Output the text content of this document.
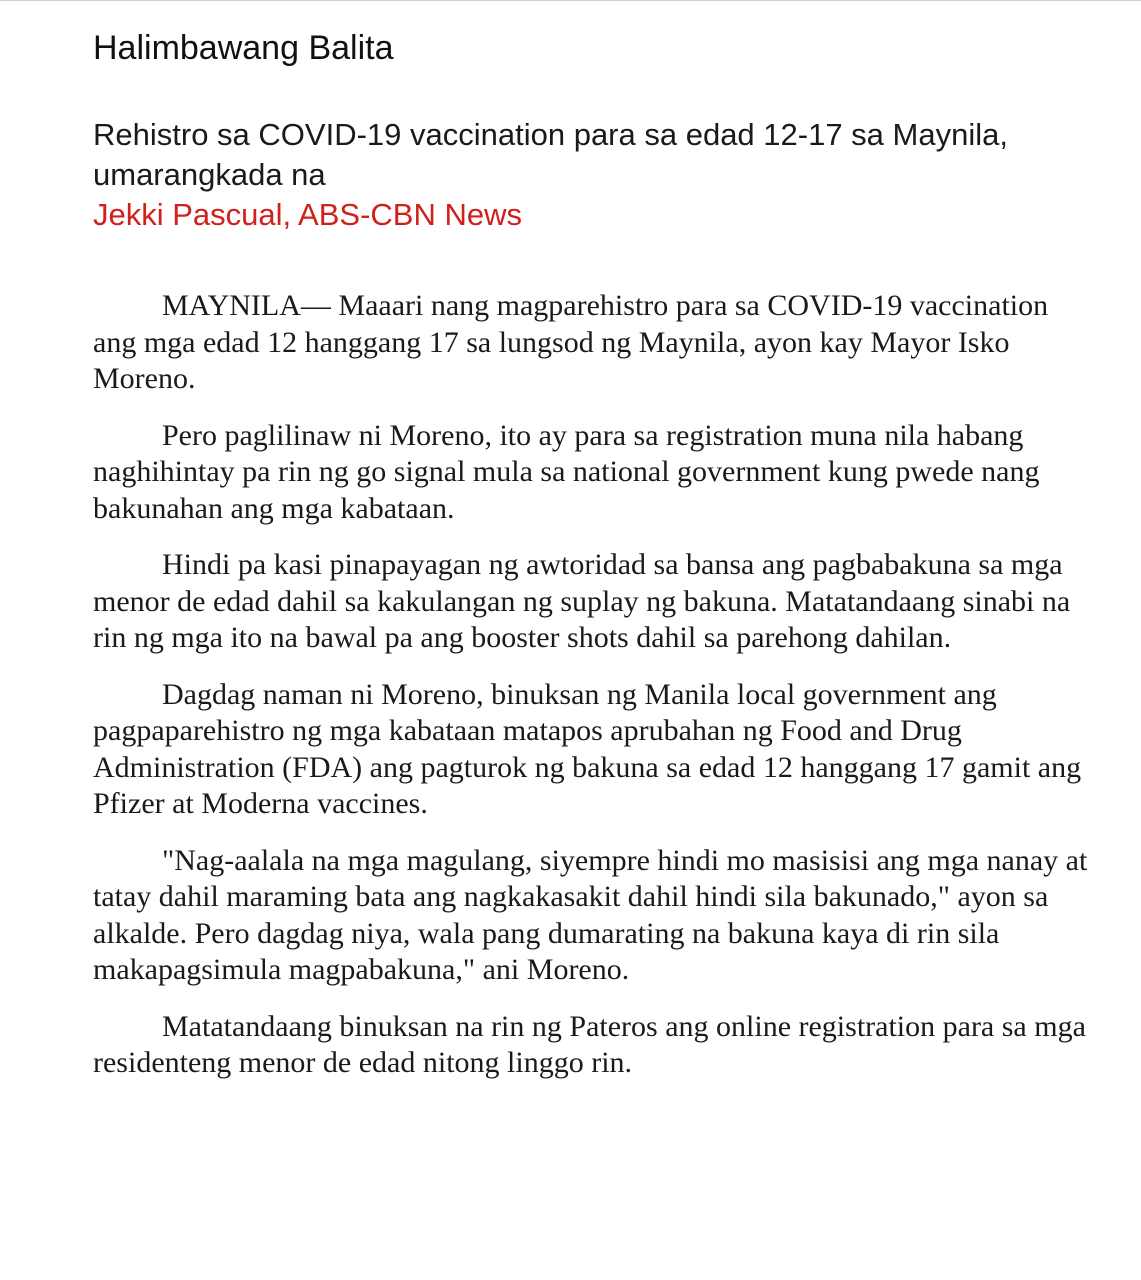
Halimbawang Balita
Rehistro sa COVID-19 vaccination para sa edad 12-17 sa Maynila, umarangkada na
Jekki Pascual, ABS-CBN News

MAYNILA— Maaari nang magparehistro para sa COVID-19 vaccination ang mga edad 12 hanggang 17 sa lungsod ng Maynila, ayon kay Mayor Isko Moreno.

Pero paglilinaw ni Moreno, ito ay para sa registration muna nila habang naghihintay pa rin ng go signal mula sa national government kung pwede nang bakunahan ang mga kabataan.

Hindi pa kasi pinapayagan ng awtoridad sa bansa ang pagbabakuna sa mga menor de edad dahil sa kakulangan ng suplay ng bakuna. Matatandaang sinabi na rin ng mga ito na bawal pa ang booster shots dahil sa parehong dahilan.

Dagdag naman ni Moreno, binuksan ng Manila local government ang pagpaparehistro ng mga kabataan matapos aprubahan ng Food and Drug Administration (FDA) ang pagturok ng bakuna sa edad 12 hanggang 17 gamit ang Pfizer at Moderna vaccines.

"Nag-aalala na mga magulang, siyempre hindi mo masisisi ang mga nanay at tatay dahil maraming bata ang nagkakasakit dahil hindi sila bakunado," ayon sa alkalde. Pero dagdag niya, wala pang dumarating na bakuna kaya di rin sila makapagsimula magpabakuna," ani Moreno.

Matatandaang binuksan na rin ng Pateros ang online registration para sa mga residenteng menor de edad nitong linggo rin.
